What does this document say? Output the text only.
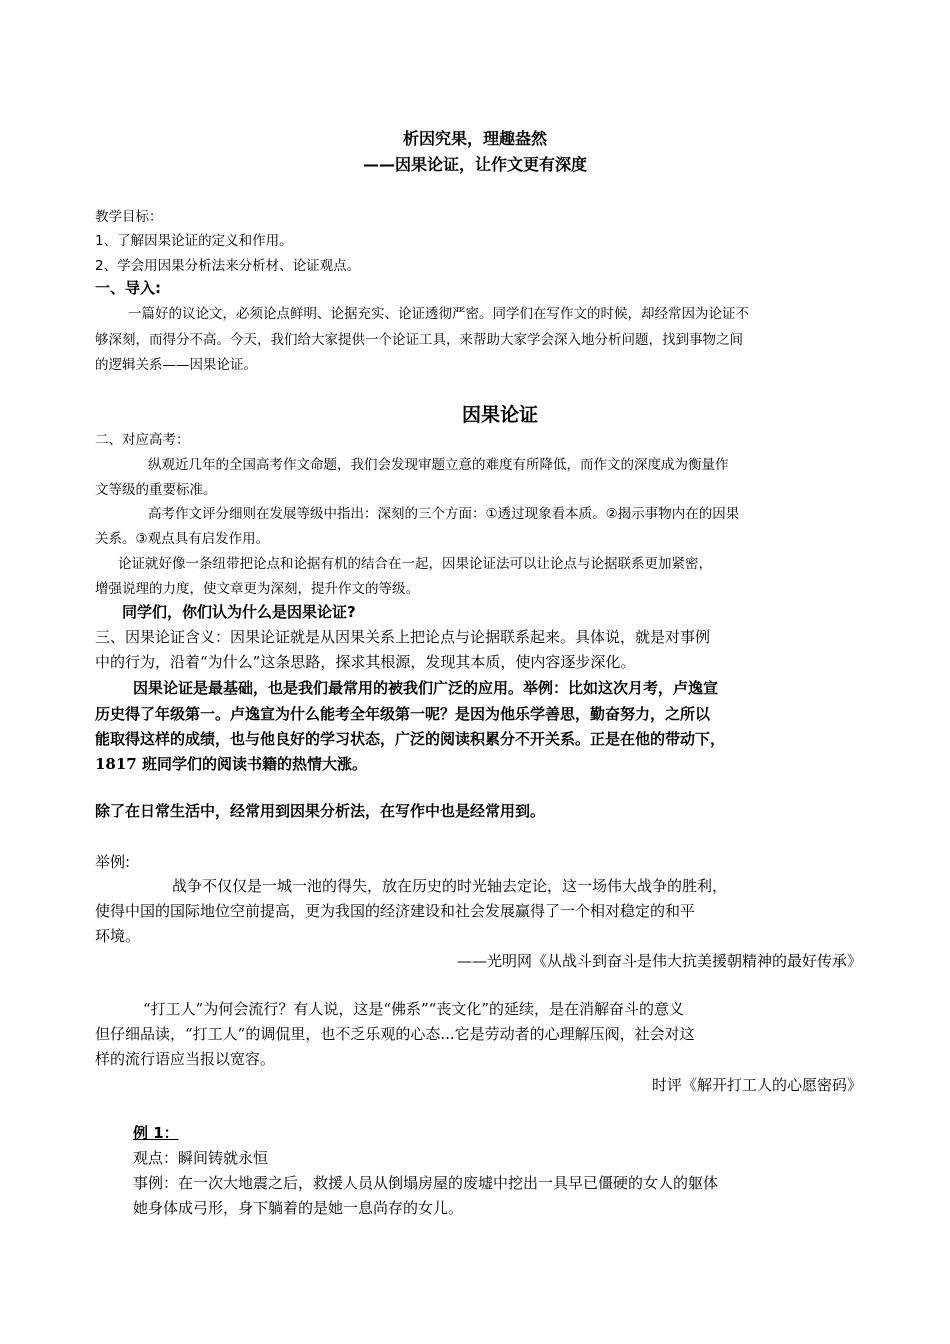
析因究果，理趣盎然
——因果论证，让作文更有深度
教学目标：
1、了解因果论证的定义和作用。
2、学会用因果分析法来分析材、论证观点。
一、导入:
一篇好的议论文，必须论点鲜明、论据充实、论证透彻严密。同学们在写作文的时候，却经常因为论证不
够深刻，而得分不高。今天，我们给大家提供一个论证工具，来帮助大家学会深入地分析问题，找到事物之间
的逻辑关系——因果论证。
因果论证
二、对应高考：
纵观近几年的全国高考作文命题，我们会发现审题立意的难度有所降低，而作文的深度成为衡量作
文等级的重要标准。
高考作文评分细则在发展等级中指出：深刻的三个方面：①透过现象看本质。②揭示事物内在的因果
关系。③观点具有启发作用。
论证就好像一条纽带把论点和论据有机的结合在一起，因果论证法可以让论点与论据联系更加紧密，
增强说理的力度，使文章更为深刻，提升作文的等级。
同学们，你们认为什么是因果论证?
三、因果论证含义：因果论证就是从因果关系上把论点与论据联系起来。具体说，就是对事例
中的行为，沿着“为什么”这条思路，探求其根源，发现其本质，使内容逐步深化。
因果论证是最基础，也是我们最常用的被我们广泛的应用。举例：比如这次月考，卢逸宣
历史得了年级第一。卢逸宣为什么能考全年级第一呢？是因为他乐学善思，勤奋努力，之所以
能取得这样的成绩，也与他良好的学习状态，广泛的阅读积累分不开关系。正是在他的带动下，
1817 班同学们的阅读书籍的热情大涨。
除了在日常生活中，经常用到因果分析法，在写作中也是经常用到。
举例:
战争不仅仅是一城一池的得失，放在历史的时光轴去定论，这一场伟大战争的胜利，
使得中国的国际地位空前提高，更为我国的经济建设和社会发展赢得了一个相对稳定的和平
环境。
——光明网《从战斗到奋斗是伟大抗美援朝精神的最好传承》
“打工人”为何会流行？有人说，这是“佛系”“丧文化”的延续，是在消解奋斗的意义
但仔细品读，“打工人”的调侃里，也不乏乐观的心态...它是劳动者的心理解压阀，社会对这
样的流行语应当报以宽容。
时评《解开打工人的心愿密码》
例 1：
观点：瞬间铸就永恒
事例：在一次大地震之后，救援人员从倒塌房屋的废墟中挖出一具早已僵硬的女人的躯体
她身体成弓形，身下躺着的是她一息尚存的女儿。
